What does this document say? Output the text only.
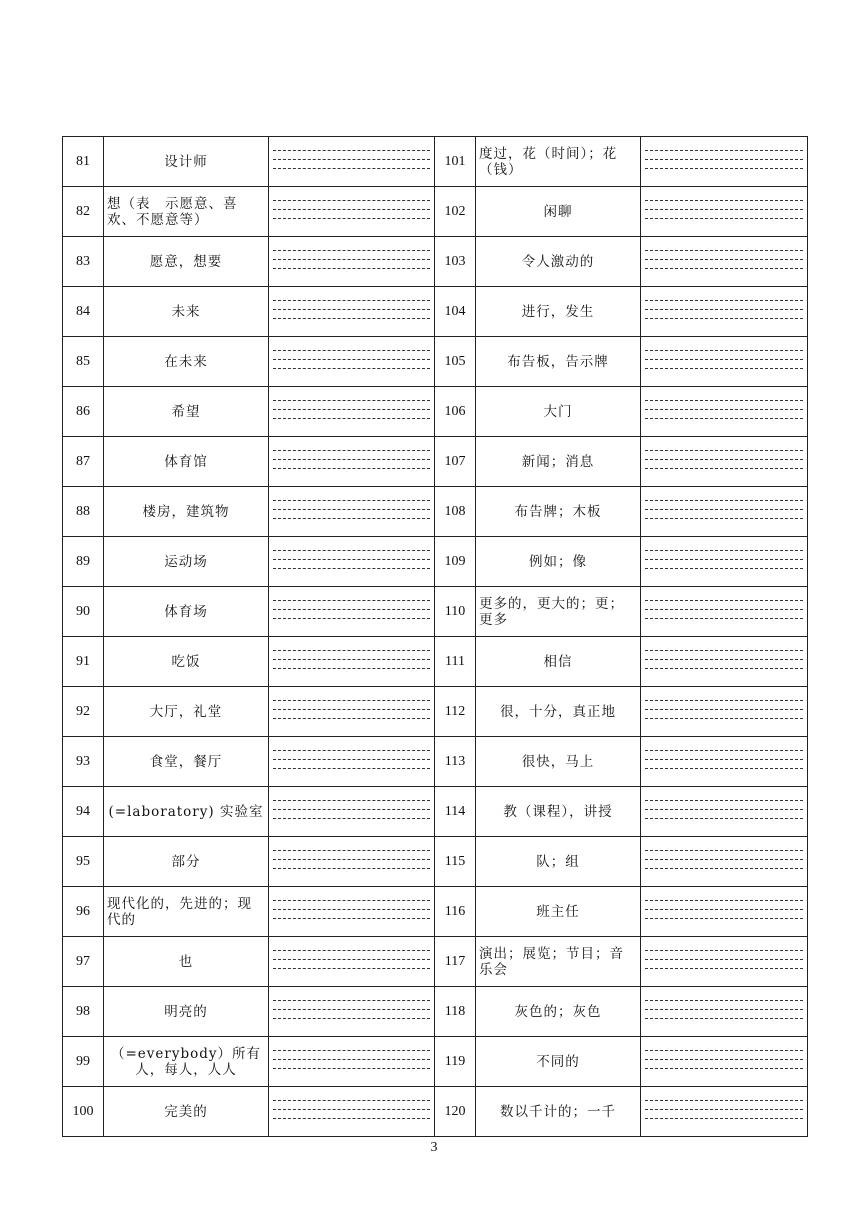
81	设计师		101	度过，花（时间）；花（钱）	

82	想（表　示愿意、喜欢、不愿意等）		102	闲聊	

83	愿意，想要		103	令人激动的	

84	未来		104	进行，发生	

85	在未来		105	布告板，告示牌	

86	希望		106	大门	

87	体育馆		107	新闻；消息	

88	楼房，建筑物		108	布告牌；木板	

89	运动场		109	例如；像	

90	体育场		110	更多的，更大的；更；更多	

91	吃饭		111	相信	

92	大厅，礼堂		112	很，十分，真正地	

93	食堂，餐厅		113	很快，马上	

94	(=laboratory) 实验室		114	教（课程），讲授	

95	部分		115	队；组	

96	现代化的，先进的；现代的		116	班主任	

97	也		117	演出；展览；节目；音乐会	

98	明亮的		118	灰色的；灰色	

99	（=everybody）所有人，每人，人人		119	不同的	

100	完美的		120	数以千计的；一千	
3
